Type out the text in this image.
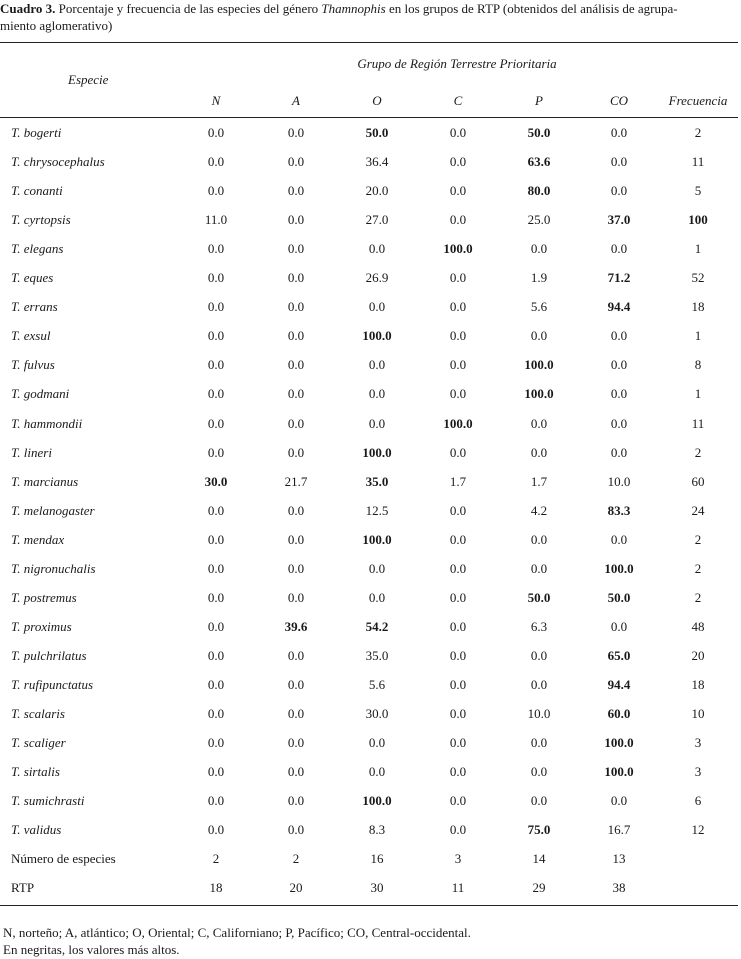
Cuadro 3. Porcentaje y frecuencia de las especies del género Thamnophis en los grupos de RTP (obtenidos del análisis de agrupa-
miento aglomerativo)
Especie
Grupo de Región Terrestre Prioritaria
N	A	O	C	P	CO	Frecuencia
T. bogerti	0.0	0.0	50.0	0.0	50.0	0.0	2
T. chrysocephalus	0.0	0.0	36.4	0.0	63.6	0.0	11
T. conanti	0.0	0.0	20.0	0.0	80.0	0.0	5
T. cyrtopsis	11.0	0.0	27.0	0.0	25.0	37.0	100
T. elegans	0.0	0.0	0.0	100.0	0.0	0.0	1
T. eques	0.0	0.0	26.9	0.0	1.9	71.2	52
T. errans	0.0	0.0	0.0	0.0	5.6	94.4	18
T. exsul	0.0	0.0	100.0	0.0	0.0	0.0	1
T. fulvus	0.0	0.0	0.0	0.0	100.0	0.0	8
T. godmani	0.0	0.0	0.0	0.0	100.0	0.0	1
T. hammondii	0.0	0.0	0.0	100.0	0.0	0.0	11
T. lineri	0.0	0.0	100.0	0.0	0.0	0.0	2
T. marcianus	30.0	21.7	35.0	1.7	1.7	10.0	60
T. melanogaster	0.0	0.0	12.5	0.0	4.2	83.3	24
T. mendax	0.0	0.0	100.0	0.0	0.0	0.0	2
T. nigronuchalis	0.0	0.0	0.0	0.0	0.0	100.0	2
T. postremus	0.0	0.0	0.0	0.0	50.0	50.0	2
T. proximus	0.0	39.6	54.2	0.0	6.3	0.0	48
T. pulchrilatus	0.0	0.0	35.0	0.0	0.0	65.0	20
T. rufipunctatus	0.0	0.0	5.6	0.0	0.0	94.4	18
T. scalaris	0.0	0.0	30.0	0.0	10.0	60.0	10
T. scaliger	0.0	0.0	0.0	0.0	0.0	100.0	3
T. sirtalis	0.0	0.0	0.0	0.0	0.0	100.0	3
T. sumichrasti	0.0	0.0	100.0	0.0	0.0	0.0	6
T. validus	0.0	0.0	8.3	0.0	75.0	16.7	12
Número de especies	2	2	16	3	14	13
RTP	18	20	30	11	29	38
N, norteño; A, atlántico; O, Oriental; C, Californiano; P, Pacífico; CO, Central-occidental.
En negritas, los valores más altos.
